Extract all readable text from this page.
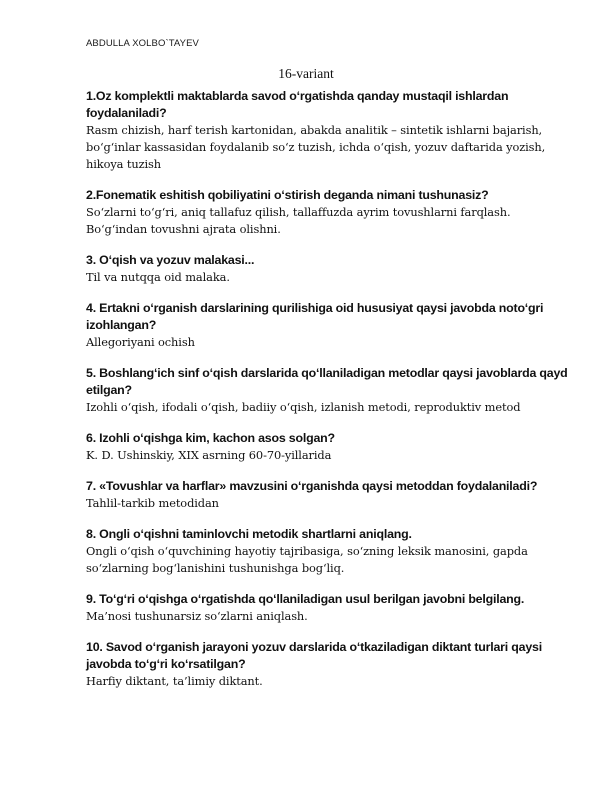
ABDULLA XOLBO`TAYEV
16-variant
1.Oz komplektli maktablarda savod oʻrgatishda qanday mustaqil ishlardan foydalaniladi?
Rasm chizish, harf terish kartonidan, abakda analitik – sintetik ishlarni bajarish, bo‘g‘inlar kassasidan foydalanib so‘z tuzish, ichda o‘qish, yozuv daftarida yozish, hikoya tuzish
2.Fonematik eshitish qobiliyatini oʻstirish deganda nimani tushunasiz?
So‘zlarni to‘g‘ri, aniq tallafuz qilish, tallaffuzda ayrim tovushlarni farqlash. Bo‘g‘indan tovushni ajrata olishni.
3. Oʻqish va yozuv malakasi...
Til va nutqqa oid malaka.
4. Ertakni oʻrganish darslarining qurilishiga oid hususiyat qaysi javobda notoʻgri izohlangan?
Allegoriyani ochish
5. Boshlangʻich sinf oʻqish darslarida qoʻllaniladigan metodlar qaysi javoblarda qayd etilgan?
Izohli o‘qish, ifodali o‘qish, badiiy o‘qish, izlanish metodi, reproduktiv metod
6. Izohli oʻqishga kim, kachon asos solgan?
K. D. Ushinskiy, XIX asrning 60-70-yillarida
7. «Tovushlar va harflar» mavzusini oʻrganishda qaysi metoddan foydalaniladi?
Tahlil-tarkib metodidan
8. Ongli oʻqishni taminlovchi metodik shartlarni aniqlang.
Ongli o‘qish o‘quvchining hayotiy tajribasiga, so‘zning leksik manosini, gapda so‘zlarning bog‘lanishini tushunishga bog‘liq.
9. Toʻgʻri oʻqishga oʻrgatishda qoʻllaniladigan usul berilgan javobni belgilang.
Ma’nosi tushunarsiz so‘zlarni aniqlash.
10. Savod oʻrganish jarayoni yozuv darslarida oʻtkaziladigan diktant turlari qaysi javobda toʻgʻri koʻrsatilgan?
Harfiy diktant, ta’limiy diktant.
